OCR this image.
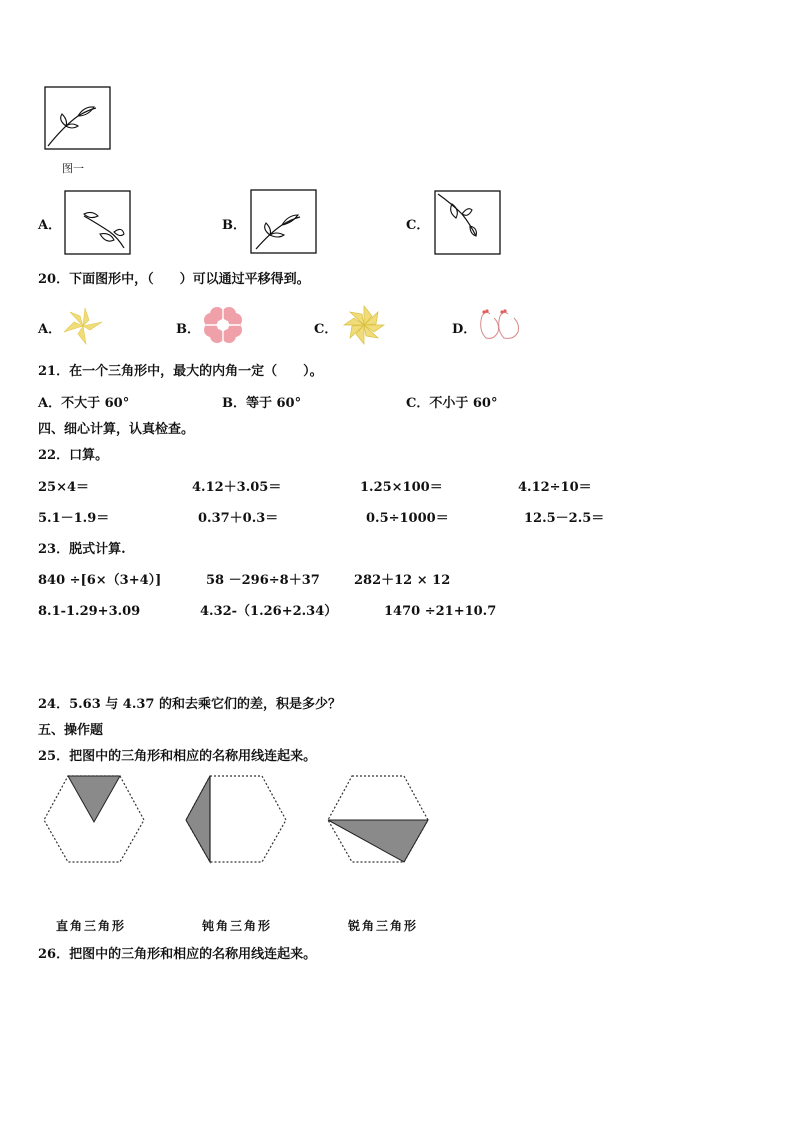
图一
A．	B．	C．
20．下面图形中，（　　）可以通过平移得到。
A．	B．	C．	D．
21．在一个三角形中，最大的内角一定（　　）。
A．不大于 60°	B．等于 60°	C．不小于 60°
四、细心计算，认真检查。
22．口算。
25×4＝	4.12＋3.05＝	1.25×100＝	4.12÷10＝
5.1－1.9＝	0.37＋0.3＝	0.5÷1000＝	12.5－2.5＝
23．脱式计算.
840 ÷[6×（3+4）]	58 －296÷8＋37	282＋12 × 12
8.1-1.29+3.09	4.32-（1.26+2.34）	1470 ÷21+10.7
24．5.63 与 4.37 的和去乘它们的差，积是多少？
五、操作题
25．把图中的三角形和相应的名称用线连起来。
直角三角形	钝角三角形	锐角三角形
26．把图中的三角形和相应的名称用线连起来。
